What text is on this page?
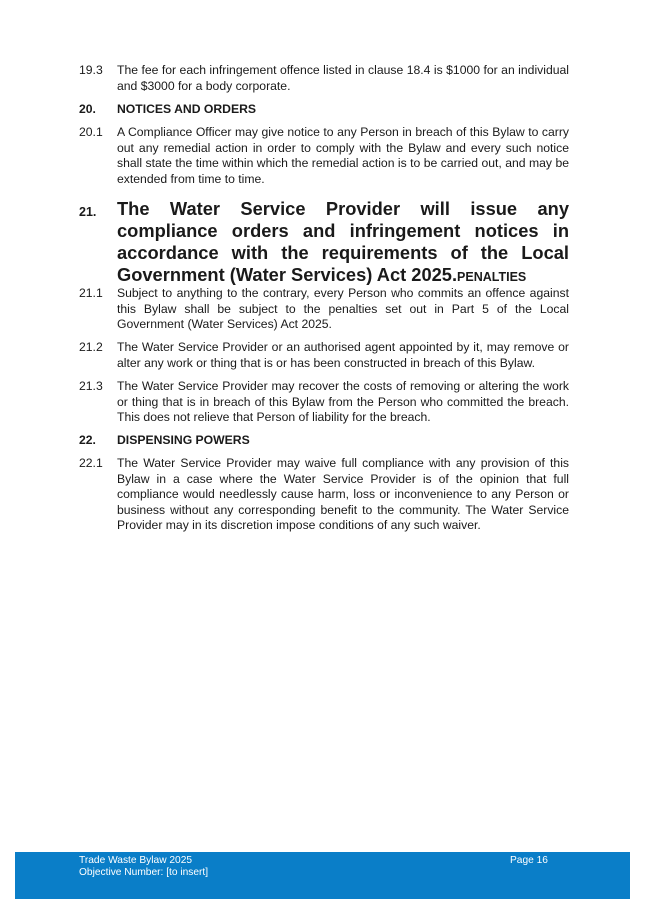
19.3 The fee for each infringement offence listed in clause 18.4 is $1000 for an individual and $3000 for a body corporate.
20. NOTICES AND ORDERS
20.1 A Compliance Officer may give notice to any Person in breach of this Bylaw to carry out any remedial action in order to comply with the Bylaw and every such notice shall state the time within which the remedial action is to be carried out, and may be extended from time to time.
21. The Water Service Provider will issue any compliance orders and infringement notices in accordance with the requirements of the Local Government (Water Services) Act 2025.PENALTIES
21.1 Subject to anything to the contrary, every Person who commits an offence against this Bylaw shall be subject to the penalties set out in Part 5 of the Local Government (Water Services) Act 2025.
21.2 The Water Service Provider or an authorised agent appointed by it, may remove or alter any work or thing that is or has been constructed in breach of this Bylaw.
21.3 The Water Service Provider may recover the costs of removing or altering the work or thing that is in breach of this Bylaw from the Person who committed the breach. This does not relieve that Person of liability for the breach.
22. DISPENSING POWERS
22.1 The Water Service Provider may waive full compliance with any provision of this Bylaw in a case where the Water Service Provider is of the opinion that full compliance would needlessly cause harm, loss or inconvenience to any Person or business without any corresponding benefit to the community. The Water Service Provider may in its discretion impose conditions of any such waiver.
Trade Waste Bylaw 2025
Objective Number: [to insert]
Page 16
